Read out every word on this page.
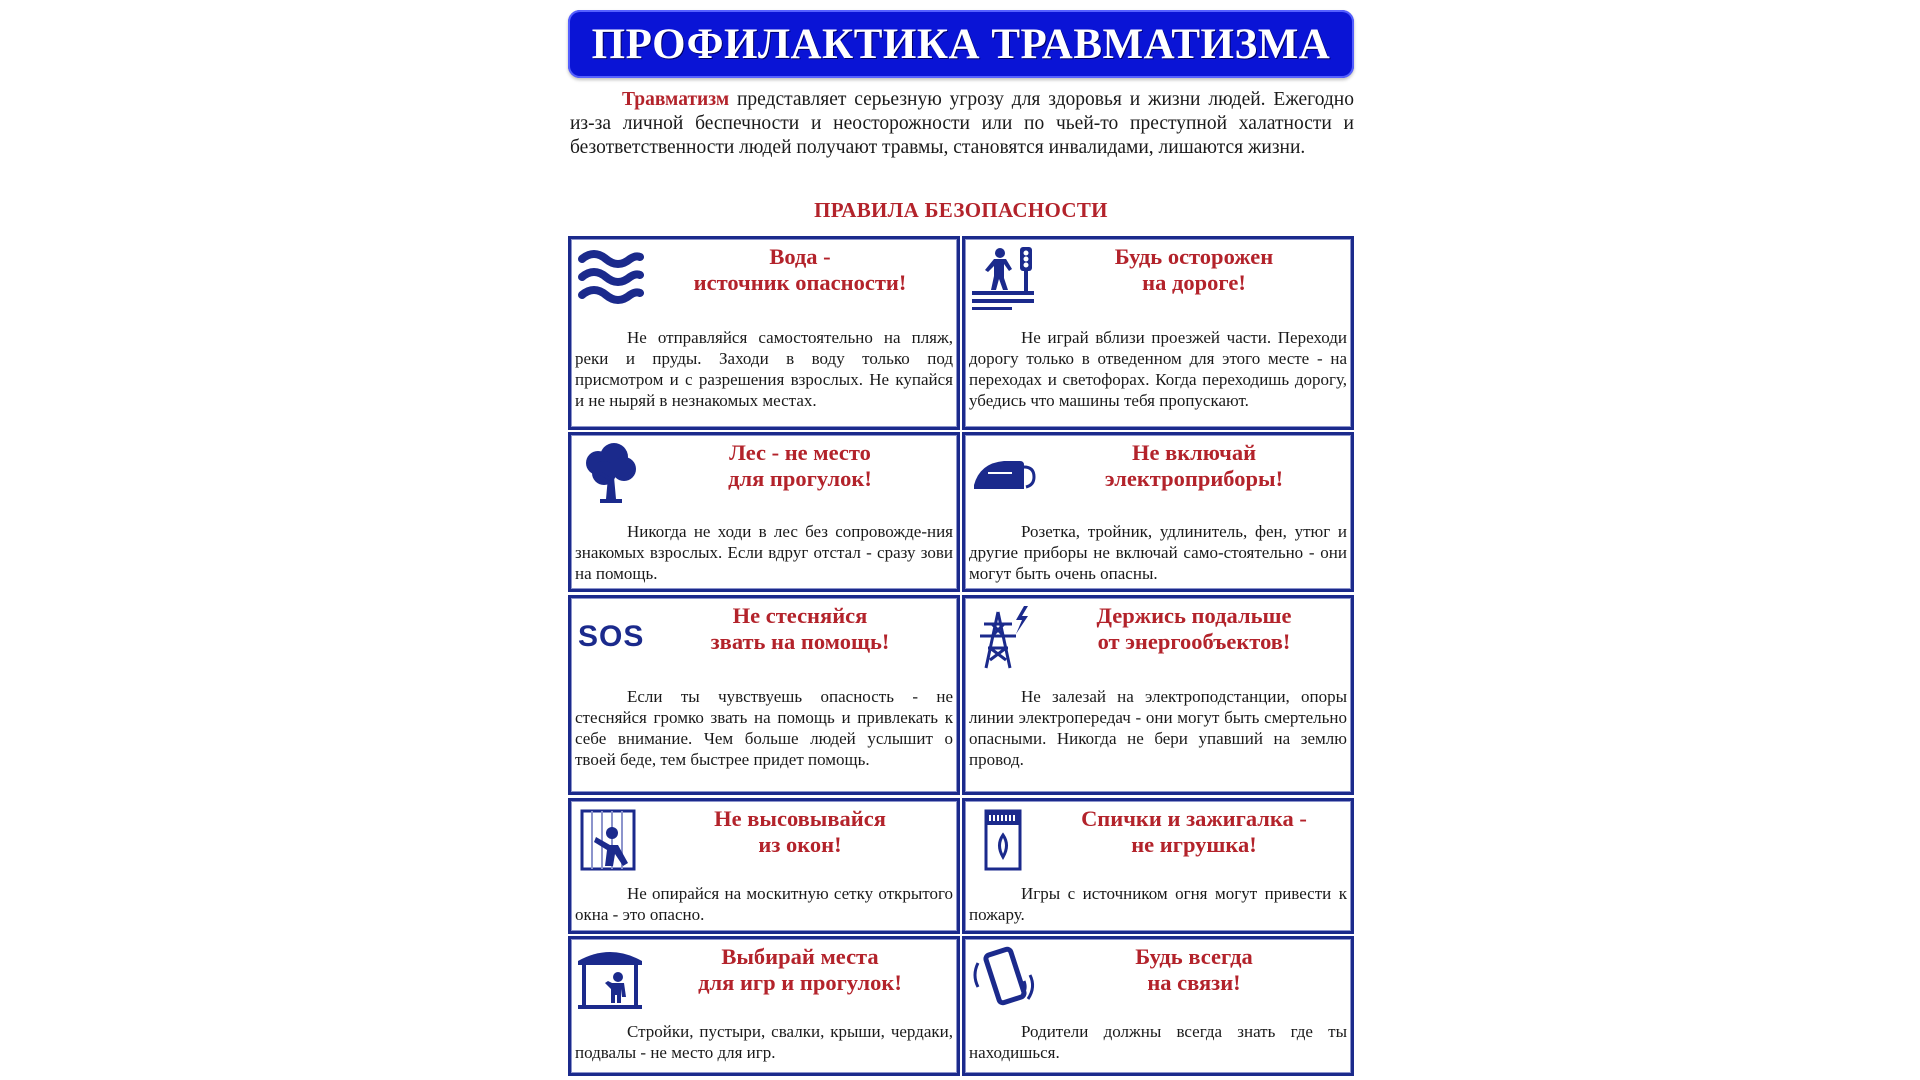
ПРОФИЛАКТИКА ТРАВМАТИЗМА

Травматизм представляет серьезную угрозу для здоровья и жизни людей. Ежегодно из-за личной беспечности и неосторожности или по чьей-то преступной халатности и безответственности людей получают травмы, становятся инвалидами, лишаются жизни.

ПРАВИЛА БЕЗОПАСНОСТИ
Вода -
источник опасности!

Не отправляйся самостоятельно на пляж, реки и пруды. Заходи в воду только под присмотром и с разрешения взрослых. Не купайся и не ныряй в незнакомых местах.

Будь осторожен
на дороге!

Не играй вблизи проезжей части. Переходи дорогу только в отведенном для этого месте - на переходах и светофорах. Когда переходишь дорогу, убедись что машины тебя пропускают.

Лес - не место
для прогулок!

Никогда не ходи в лес без сопровожде-ния знакомых взрослых. Если вдруг отстал - сразу зови на помощь.

Не включай
электроприборы!

Розетка, тройник, удлинитель, фен, утюг и другие приборы не включай само-стоятельно - они могут быть очень опасны.

SOS
Не стесняйся
звать на помощь!

Если ты чувствуешь опасность - не стесняйся громко звать на помощь и привлекать к себе внимание. Чем больше людей услышит о твоей беде, тем быстрее придет помощь.

Держись подальше
от энергообъектов!

Не залезай на электроподстанции, опоры линии электропередач - они могут быть смертельно опасными. Никогда не бери упавший на землю провод.

Не высовывайся
из окон!

Не опирайся на москитную сетку открытого окна - это опасно.

Спички и зажигалка -
не игрушка!

Игры с источником огня могут привести к пожару.

Выбирай места
для игр и прогулок!

Стройки, пустыри, свалки, крыши, чердаки, подвалы - не место для игр.

Будь всегда
на связи!

Родители должны всегда знать где ты находишься.
